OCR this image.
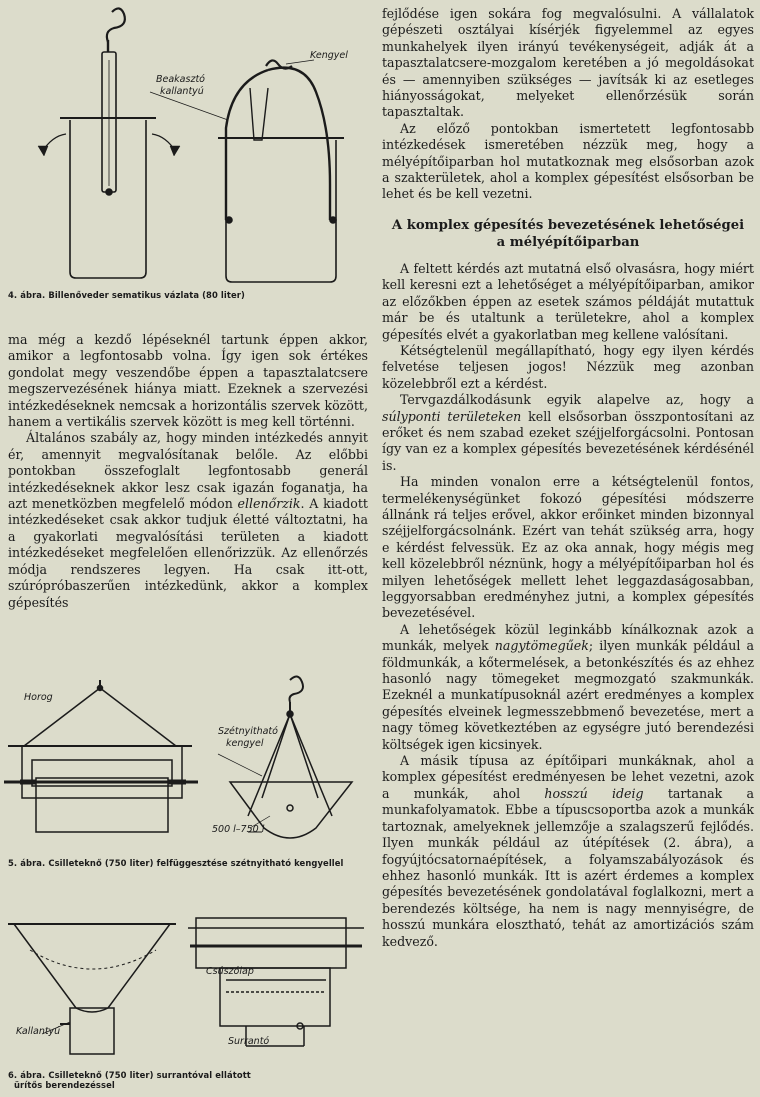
Beakasztó
kallantyú
Kengyel
4. ábra. Billenőveder sematikus vázlata (80 liter)

ma még a kezdő lépéseknél tartunk éppen akkor, amikor a legfontosabb volna. Így igen sok értékes gondolat megy veszendőbe éppen a tapasztalatcsere megszervezésének hiánya miatt. Ezeknek a szervezési intézkedéseknek nemcsak a horizontális szervek között, hanem a vertikális szervek között is meg kell történni.

Általános szabály az, hogy minden intézkedés annyit ér, amennyit megvalósítanak belőle. Az előbbi pontokban összefoglalt legfontosabb generál intézkedéseknek akkor lesz csak igazán foganatja, ha azt menetközben megfelelő módon ellenőrzik. A kiadott intézkedéseket csak akkor tudjuk életté változtatni, ha a gyakorlati megvalósítási területen a kiadott intézkedéseket megfelelően ellenőrizzük. Az ellenőrzés módja rendszeres legyen. Ha csak itt-ott, szúrópróbaszerűen intézkedünk, akkor a komplex gépesítés

Horog
Szétnyitható
kengyel
500 l–750 l
5. ábra. Csilleteknő (750 liter) felfüggesztése szétnyitható kengyellel
Kallantyú
Csúszólap
Surrantó
6. ábra. Csilleteknő (750 liter) surrantóval ellátott
ürítős berendezéssel

fejlődése igen sokára fog megvalósulni. A vállalatok gépészeti osztályai kísérjék figyelemmel az egyes munkahelyek ilyen irányú tevékenységeit, adják át a tapasztalatcsere-mozgalom keretében a jó megoldásokat és — amennyiben szükséges — javítsák ki az esetleges hiányosságokat, melyeket ellenőrzésük során tapasztaltak.

Az előző pontokban ismertetett legfontosabb intézkedések ismeretében nézzük meg, hogy a mélyépítőiparban hol mutatkoznak meg elsősorban azok a szakterületek, ahol a komplex gépesítést elsősorban be lehet és be kell vezetni.

A komplex gépesítés bevezetésének lehetőségei
a mélyépítőiparban

A feltett kérdés azt mutatná első olvasásra, hogy miért kell keresni ezt a lehetőséget a mélyépítőiparban, amikor az előzőkben éppen az esetek számos példáját mutattuk már be és utaltunk a területekre, ahol a komplex gépesítés elvét a gyakorlatban meg kellene valósítani.

Kétségtelenül megállapítható, hogy egy ilyen kérdés felvetése teljesen jogos! Nézzük meg azonban közelebbről ezt a kérdést.

Tervgazdálkodásunk egyik alapelve az, hogy a súlyponti területeken kell elsősorban összpontosítani az erőket és nem szabad ezeket széjjelforgácsolni. Pontosan így van ez a komplex gépesítés bevezetésének kérdésénél is.

Ha minden vonalon erre a kétségtelenül fontos, termelékenységünket fokozó gépesítési módszerre állnánk rá teljes erővel, akkor erőinket minden bizonnyal széjjelforgácsolnánk. Ezért van tehát szükség arra, hogy e kérdést felvessük. Ez az oka annak, hogy mégis meg kell közelebbről néznünk, hogy a mélyépítőiparban hol és milyen lehetőségek mellett lehet leggazdaságosabban, leggyorsabban eredményhez jutni, a komplex gépesítés bevezetésével.

A lehetőségek közül leginkább kínálkoznak azok a munkák, melyek nagytömegűek; ilyen munkák például a földmunkák, a kőtermelések, a betonkészítés és az ehhez hasonló nagy tömegeket megmozgató szakmunkák. Ezeknél a munkatípusoknál azért eredményes a komplex gépesítés elveinek legmesszebbmenő bevezetése, mert a nagy tömeg következtében az egységre jutó berendezési költségek igen kicsinyek.

A másik típusa az építőipari munkáknak, ahol a komplex gépesítést eredményesen be lehet vezetni, azok a munkák, ahol hosszú ideig tartanak a munkafolyamatok. Ebbe a típuscsoportba azok a munkák tartoznak, amelyeknek jellemzője a szalagszerű fejlődés. Ilyen munkák például az útépítések (2. ábra), a fogyújtócsatornaépítések, a folyamszabályozások és ehhez hasonló munkák. Itt is azért érdemes a komplex gépesítés bevezetésének gondolatával foglalkozni, mert a berendezés költsége, ha nem is nagy mennyiségre, de hosszú munkára elosztható, tehát az amortizációs szám kedvező.
